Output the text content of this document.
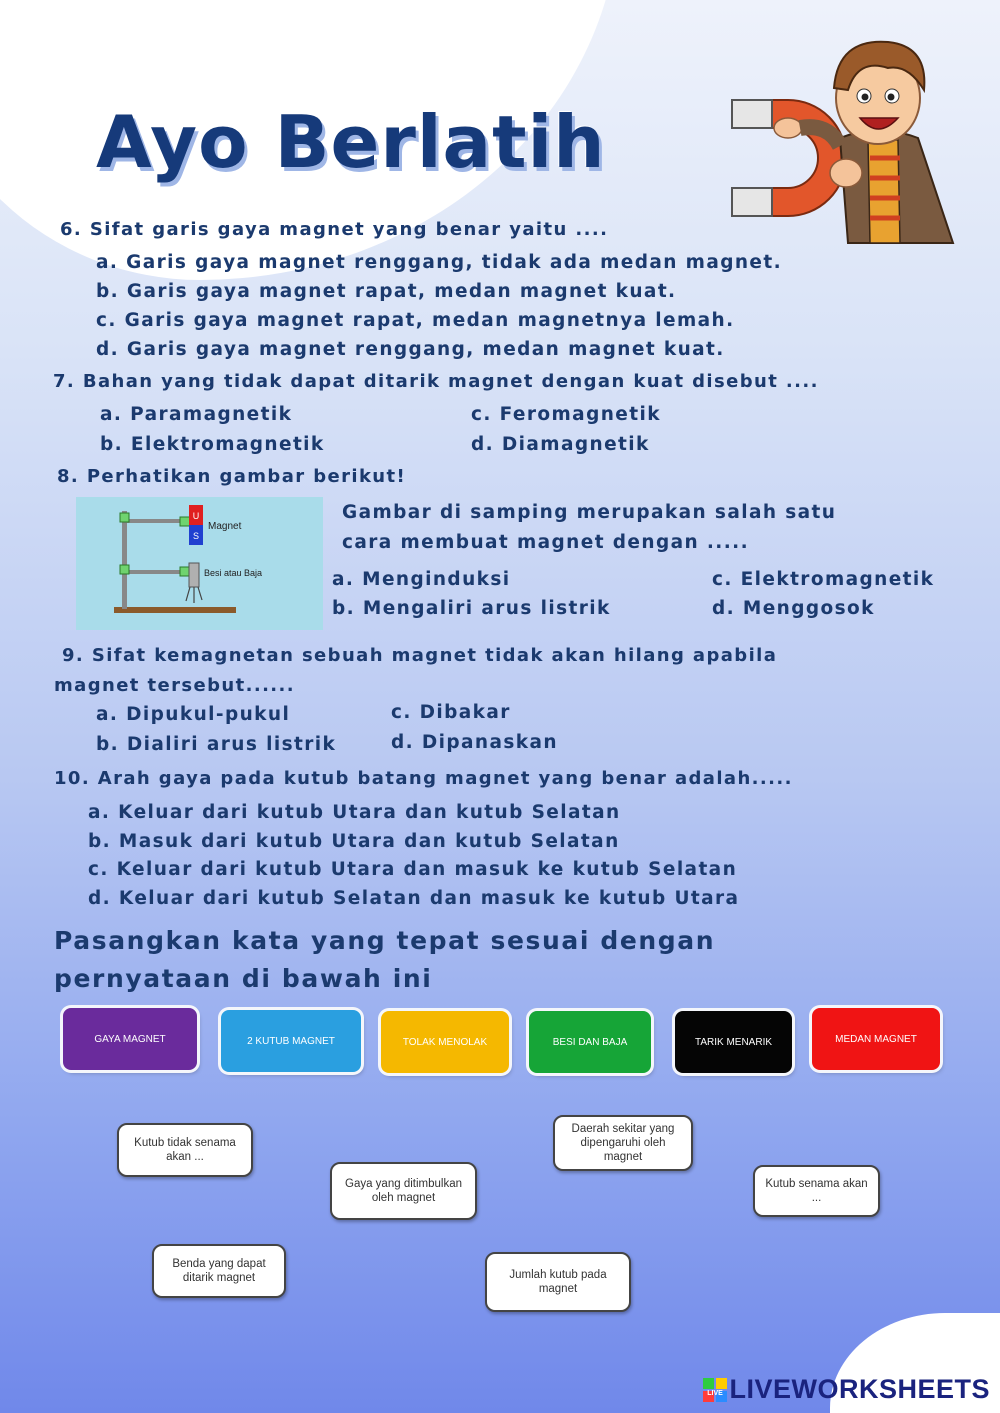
Ayo Berlatih
6. Sifat garis gaya magnet yang benar yaitu ....
a. Garis gaya magnet renggang, tidak ada medan magnet.
b. Garis gaya magnet rapat, medan magnet kuat.
c. Garis gaya magnet rapat, medan magnetnya lemah.
d. Garis gaya magnet renggang, medan magnet kuat.
7. Bahan yang tidak dapat ditarik magnet dengan kuat disebut ....
a. Paramagnetik
b. Elektromagnetik
c. Feromagnetik
d. Diamagnetik
8. Perhatikan gambar berikut!
U
S
Magnet
Besi atau Baja
Gambar di samping merupakan salah satu
cara membuat magnet dengan .....
a. Menginduksi
b. Mengaliri arus listrik
c. Elektromagnetik
d. Menggosok
9. Sifat kemagnetan sebuah magnet tidak akan hilang apabila
magnet tersebut......
a. Dipukul-pukul
b. Dialiri arus listrik
c. Dibakar
d. Dipanaskan
10. Arah gaya pada kutub batang magnet yang benar adalah.....
a. Keluar dari kutub Utara dan kutub Selatan
b. Masuk dari kutub Utara dan kutub Selatan
c. Keluar dari kutub Utara dan masuk ke kutub Selatan
d. Keluar dari kutub Selatan dan masuk ke kutub Utara
Pasangkan kata yang tepat sesuai dengan
pernyataan di bawah ini
GAYA MAGNET	2 KUTUB MAGNET	TOLAK MENOLAK	BESI DAN BAJA	TARIK MENARIK	MEDAN MAGNET
Kutub tidak senama akan ...
Daerah sekitar yang dipengaruhi oleh magnet
Gaya yang ditimbulkan oleh magnet
Kutub senama akan ...
Benda yang dapat ditarik magnet	Jumlah kutub pada magnet
LIVE LIVEWORKSHEETS
